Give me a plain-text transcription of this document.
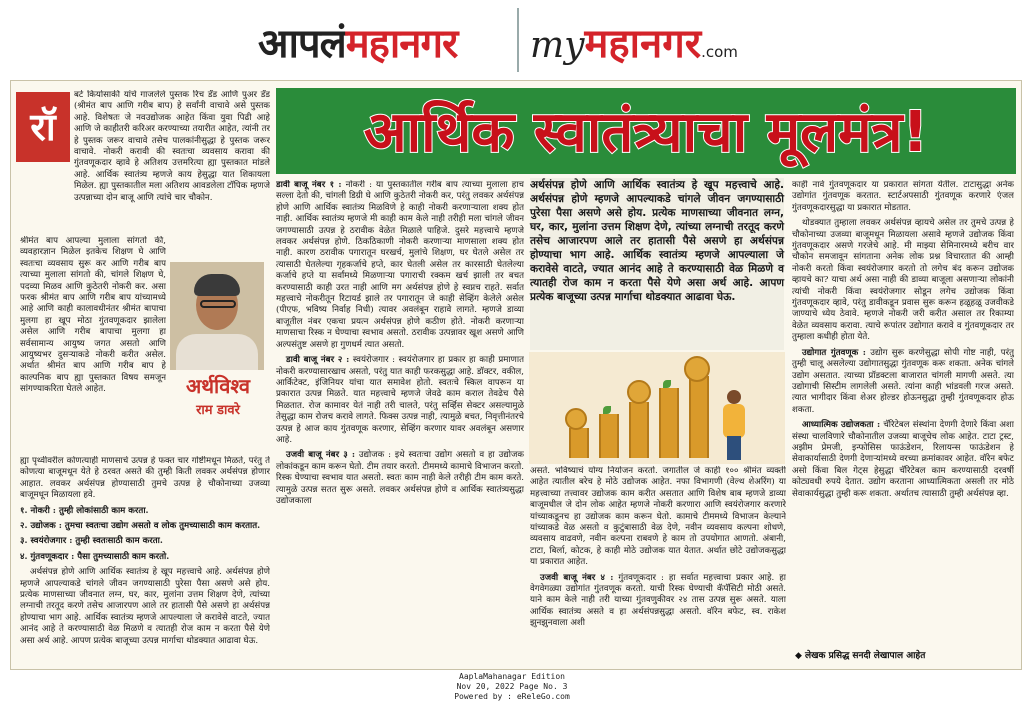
आपलंमहानगर myमहानगर.com
रॉ	आर्थिक स्वातंत्र्याचा मूलमंत्र!

बर्ट कियोसाकी यांचे गाजलेले पुस्तक रिच डॅड आणि पुअर डॅड (श्रीमंत बाप आणि गरीब बाप) हे सर्वांनी वाचावे असे पुस्तक आहे. विशेषतः जे नवउद्योजक आहेत किंवा युवा पिढी आहे आणि जे काहीतरी करिअर करण्याच्या तयारीत आहेत, त्यांनी तर हे पुस्तक जरूर वाचावे तसेच पालकांनीसुद्धा हे पुस्तक जरूर वाचावे. नोकरी करावी की स्वतःचा व्यवसाय करावा की गुंतवणूकदार व्हावे हे अतिशय उत्तमरित्या ह्या पुस्तकात मांडले आहे. आर्थिक स्वातंत्र्य म्हणजे काय हेसुद्धा यात शिकायला मिळेल. ह्या पुस्तकातील मला अतिशय आवडलेला टॉपिक म्हणजे उत्पन्नाच्या दोन बाजू आणि त्यांचे चार चौकोन.

श्रीमंत बाप आपल्या मुलाला सांगतो की, व्यवहारज्ञान मिळेल इतकेच शिक्षण घे आणि स्वतःचा व्यवसाय सुरू कर आणि गरीब बाप त्याच्या मुलाला सांगतो की, चांगले शिक्षण घे, पदव्या मिळव आणि कुठेतरी नोकरी कर. असा फरक श्रीमंत बाप आणि गरीब बाप यांच्यामध्ये आहे आणि काही कालावधीनंतर श्रीमंत बापाचा मुलगा हा खूप मोठा गुंतवणूकदार झालेला असेल आणि गरीब बापाचा मुलगा हा सर्वसामान्य आयुष्य जगत असतो आणि आयुष्यभर दुसऱ्याकडे नोकरी करीत असेल. अर्थात श्रीमंत बाप आणि गरीब बाप हे काल्पनिक बाप ह्या पुस्तकात विषय समजून सांगण्याकरिता घेतले आहेत.	अर्थविश्व
राम डावरे

ह्या पृथ्वीवरील कोणत्याही माणसाचे उत्पन्न हे फक्त चार गोष्टीमधून मिळते, परंतु ते कोणत्या बाजूमधून येते हे ठरवत असते की तुम्ही किती लवकर अर्थसंपन्न होणार आहात. लवकर अर्थसंपन्न होण्यासाठी तुमचे उत्पन्न हे चौकोनाच्या उजव्या बाजूमधून मिळायला हवे.

१. नोकरी : तुम्ही लोकांसाठी काम करता.

२. उद्योजक : तुमचा स्वतःचा उद्योग असतो व लोक तुमच्यासाठी काम करतात.

३. स्वयंरोजगार : तुम्ही स्वतःसाठी काम करता.

४. गुंतवणूकदार : पैसा तुमच्यासाठी काम करतो.

अर्थसंपन्न होणे आणि आर्थिक स्वातंत्र्य हे खूप महत्त्वाचे आहे. अर्थसंपन्न होणे म्हणजे आपल्याकडे चांगले जीवन जगण्यासाठी पुरेसा पैसा असणे असे होय. प्रत्येक माणसाच्या जीवनात लग्न, घर, कार, मुलांना उत्तम शिक्षण देणे, त्यांच्या लग्नाची तरतूद करणे तसेच आजारपण आले तर हातासी पैसे असणे हा अर्थसंपन्न होण्याचा भाग आहे. आर्थिक स्वातंत्र्य म्हणजे आपल्याला जे करावेसे वाटते, ज्यात आनंद आहे ते करण्यासाठी वेळ मिळणे व त्यातही रोज काम न करता पैसे येणे असा अर्थ आहे. आपण प्रत्येक बाजूच्या उत्पन्न मार्गाचा थोडक्यात आढावा घेऊ.

डावी बाजू नंबर १ : नोकरी : या पुस्तकातील गरीब बाप त्याच्या मुलाला हाच सल्ला देतो की, चांगली डिग्री घे आणि कुठेतरी नोकरी कर, परंतु लवकर अर्थसंपन्न होणे आणि आर्थिक स्वातंत्र्य मिळविणे हे काही नोकरी करणाऱ्याला शक्य होत नाही. आर्थिक स्वातंत्र्य म्हणजे मी काही काम केले नाही तरीही मला चांगले जीवन जगण्यासाठी उत्पन्न हे ठरावीक वेळेत मिळाले पाहिजे. दुसरे महत्त्वाचे म्हणजे लवकर अर्थसंपन्न होणे. ठिकठिकाणी नोकरी करणाऱ्या माणसाला शक्य होत नाही. कारण ठरावीक पगारातून घरखर्च, मुलांचे शिक्षण, घर घेतले असेल तर त्यासाठी घेतलेल्या गृहकर्जाचे हप्ते, कार घेतली असेल तर कारसाठी घेतलेल्या कर्जाचे हप्ते या सर्वांमध्ये मिळणाऱ्या पगाराची रक्कम खर्च झाली तर बचत करण्यासाठी काही उरत नाही आणि मग अर्थसंपन्न होणे हे स्वप्नच राहते. सर्वात महत्त्वाचे नोकरीतून रिटायर्ड झाले तर पगारातून जे काही सेव्हिंग केलेले असेल (पीएफ, भविष्य निर्वाह निधी) त्यावर अवलंबून राहावे लागते. म्हणजे डाव्या बाजूतील नंबर एकचा प्रयत्न अर्थसंपन्न होणे कठीण होते. नोकरी करणाऱ्या माणसाचा रिस्क न घेण्याचा स्वभाव असतो. ठरावीक उत्पन्नावर खूश असणे आणि अल्पसंतुष्ट असणे हा गुणधर्म त्यात असतो.

डावी बाजू नंबर २ : स्वयंरोजगार : स्वयंरोजगार हा प्रकार हा काही प्रमाणात नोकरी करण्यासारखाच असतो, परंतु यात काही फरकसुद्धा आहे. डॉक्टर, वकील, आर्किटेक्ट, इंजिनियर यांचा यात समावेश होतो. स्वतःचे स्किल वापरून या प्रकारात उत्पन्न मिळते. यात महत्त्वाचे म्हणजे जेवढे काम कराल तेवढेच पैसे मिळतात. रोज कामावर येतं नाही तरी चालते, परंतु सर्व्हिस सेक्टर असल्यामुळे तेसुद्धा काम रोजच करावे लागते. फिक्स उत्पन्न नाही, त्यामुळे बचत, निवृत्तीनंतरचे उत्पन्न हे आज काय गुंतवणूक करणार, सेव्हिंग करणार यावर अवलंबून असणार आहे.

उजवी बाजू नंबर ३ : उद्योजक : इथे स्वतःचा उद्योग असतो व हा उद्योजक लोकांकडून काम करून घेतो. टीम तयार करतो. टीममध्ये कामाचे विभाजन करतो. रिस्क घेण्याचा स्वभाव यात असतो. स्वतः काम नाही केले तरीही टीम काम करते. त्यामुळे उत्पन्न सतत सुरू असते. लवकर अर्थसंपन्न होणे व आर्थिक स्वातंत्र्यसुद्धा उद्योजकाला

अर्थसंपन्न होणे आणि आर्थिक स्वातंत्र्य हे खूप महत्त्वाचे आहे. अर्थसंपन्न होणे म्हणजे आपल्याकडे चांगले जीवन जगण्यासाठी पुरेसा पैसा असणे असे होय. प्रत्येक माणसाच्या जीवनात लग्न, घर, कार, मुलांना उत्तम शिक्षण देणे, त्यांच्या लग्नाची तरतूद करणे तसेच आजारपण आले तर हातासी पैसे असणे हा अर्थसंपन्न होण्याचा भाग आहे. आर्थिक स्वातंत्र्य म्हणजे आपल्याला जे करावेसे वाटते, ज्यात आनंद आहे ते करण्यासाठी वेळ मिळणे व त्यातही रोज काम न करता पैसे येणे असा अर्थ आहे. आपण प्रत्येक बाजूच्या उत्पन्न मार्गाचा थोडक्यात आढावा घेऊ.

असते. भविष्याचं योग्य नियोजन करतो. जगातील जे काही १०० श्रीमंत व्यक्ती आहेत त्यातील बरेच हे मोठे उद्योजक आहेत. नफा विभागणी (वेल्थ शेअरिंग) या महत्त्वाच्या तत्त्वावर उद्योजक काम करीत असतात आणि विशेष बाब म्हणजे डाव्या बाजूमधील जे दोन लोक आहेत म्हणजे नोकरी करणारा आणि स्वयंरोजगार करणारे यांच्याकडूनच हा उद्योजक काम करून घेतो. कामाचे टीममध्ये विभाजन केल्याने यांच्याकडे वेळ असतो व कुटुंबासाठी वेळ देणे, नवीन व्यवसाय कल्पना शोधणे, व्यवसाय वाढवणे, नवीन कल्पना राबवणे हे काम तो उपयोगात आणतो. अंबानी, टाटा, बिर्ला, कोटक, हे काही मोठे उद्योजक यात येतात. अर्थात छोटे उद्योजकसुद्धा या प्रकारात आहेत.

उजवी बाजू नंबर ४ : गुंतवणूकदार : हा सर्वात महत्त्वाचा प्रकार आहे. हा वेगवेगळ्या उद्योगांत गुंतवणूक करतो. याची रिस्क घेण्याची कॅपॅसिटी मोठी असते. याने काम केले नाही तरी याच्या गुंतवणुकीवर २४ तास उत्पन्न सुरू असते. याला आर्थिक स्वातंत्र्य असते व हा अर्थसंपन्नसुद्धा असतो. वॉरेन बफेट, स्व. राकेश झुनझुनवाला अशी

काही नावे गुंतवणूकदार या प्रकारात सांगता येतील. टाटासुद्धा अनेक उद्योगांत गुंतवणूक करतात. स्टार्टअपसाठी गुंतवणूक करणारे एंजल गुंतवणूकदारसुद्धा या प्रकारात मोडतात.

थोडक्यात तुम्हाला लवकर अर्थसंपन्न व्हायचे असेल तर तुमचे उत्पन्न हे चौकोनाच्या उजव्या बाजूमधून मिळायला असावे म्हणजे उद्योजक किंवा गुंतवणूकदार असणे गरजेचे आहे. मी माझ्या सेमिनारमध्ये बरीच वार चौकोन समजावून सांगताना अनेक लोक प्रश्न विचारतात की आम्ही नोकरी करतो किंवा स्वयंरोजगार करतो तो लगेच बंद करून उद्योजक व्हायचे का? याचा अर्थ असा नाही की डाव्या बाजूला असणाऱ्या लोकांनी त्यांची नोकरी किंवा स्वयंरोजगार सोडून लगेच उद्योजक किंवा गुंतवणूकदार व्हावे, परंतु डावीकडून प्रवास सुरू करून हळूहळू उजवीकडे जाण्याचे ध्येय ठेवावे. म्हणजे नोकरी जरी करीत असाल तर रिकाम्या वेळेत व्यवसाय करावा. त्याचे रूपांतर उद्योगात करावे व गुंतवणूकदार तर तुम्हाला कधीही होता येते.

उद्योगात गुंतवणूक : उद्योग सुरू करणेसुद्धा सोपी गोष्ट नाही, परंतु तुम्ही चालू असलेल्या उद्योगातसुद्धा गुंतवणूक करू शकता. अनेक चांगले उद्योग असतात. त्याच्या प्रॉडक्टला बाजारात चांगली मागणी असते. त्या उद्योगाची सिस्टीम लागलेली असते. त्यांना काही भांडवली गरज असते. त्यात भागीदार किंवा शेअर होल्डर होऊनसुद्धा तुम्ही गुंतवणूकदार होऊ शकता.

आध्यात्मिक उद्योजकता : चॅरिटेबल संस्थांना देणगी देणारे किंवा अशा संस्था चालविणारे चौकोनातील उजव्या बाजूचेच लोक आहेत. टाटा ट्रस्ट, अझीम प्रेमजी, इन्फोसिस फाऊंडेशन, रिलायन्स फाऊंडेशन हे सेवाकार्यासाठी देणगी देणाऱ्यांमध्ये वरच्या क्रमांकावर आहेत. वॉरेन बफेट असो किंवा बिल गेट्स हेसुद्धा चॅरिटेबल काम करण्यासाठी दरवर्षी कोट्यवधी रुपये देतात. उद्योग करताना आध्यात्मिकता असली तर मोठे सेवाकार्यसुद्धा तुम्ही करू शकता. अर्थातच त्यासाठी तुम्ही अर्थसंपन्न व्हा.

◆ लेखक प्रसिद्ध सनदी लेखापाल आहेत
AaplaMahanagar Edition
Nov 20, 2022 Page No. 3
Powered by : eReleGo.com
